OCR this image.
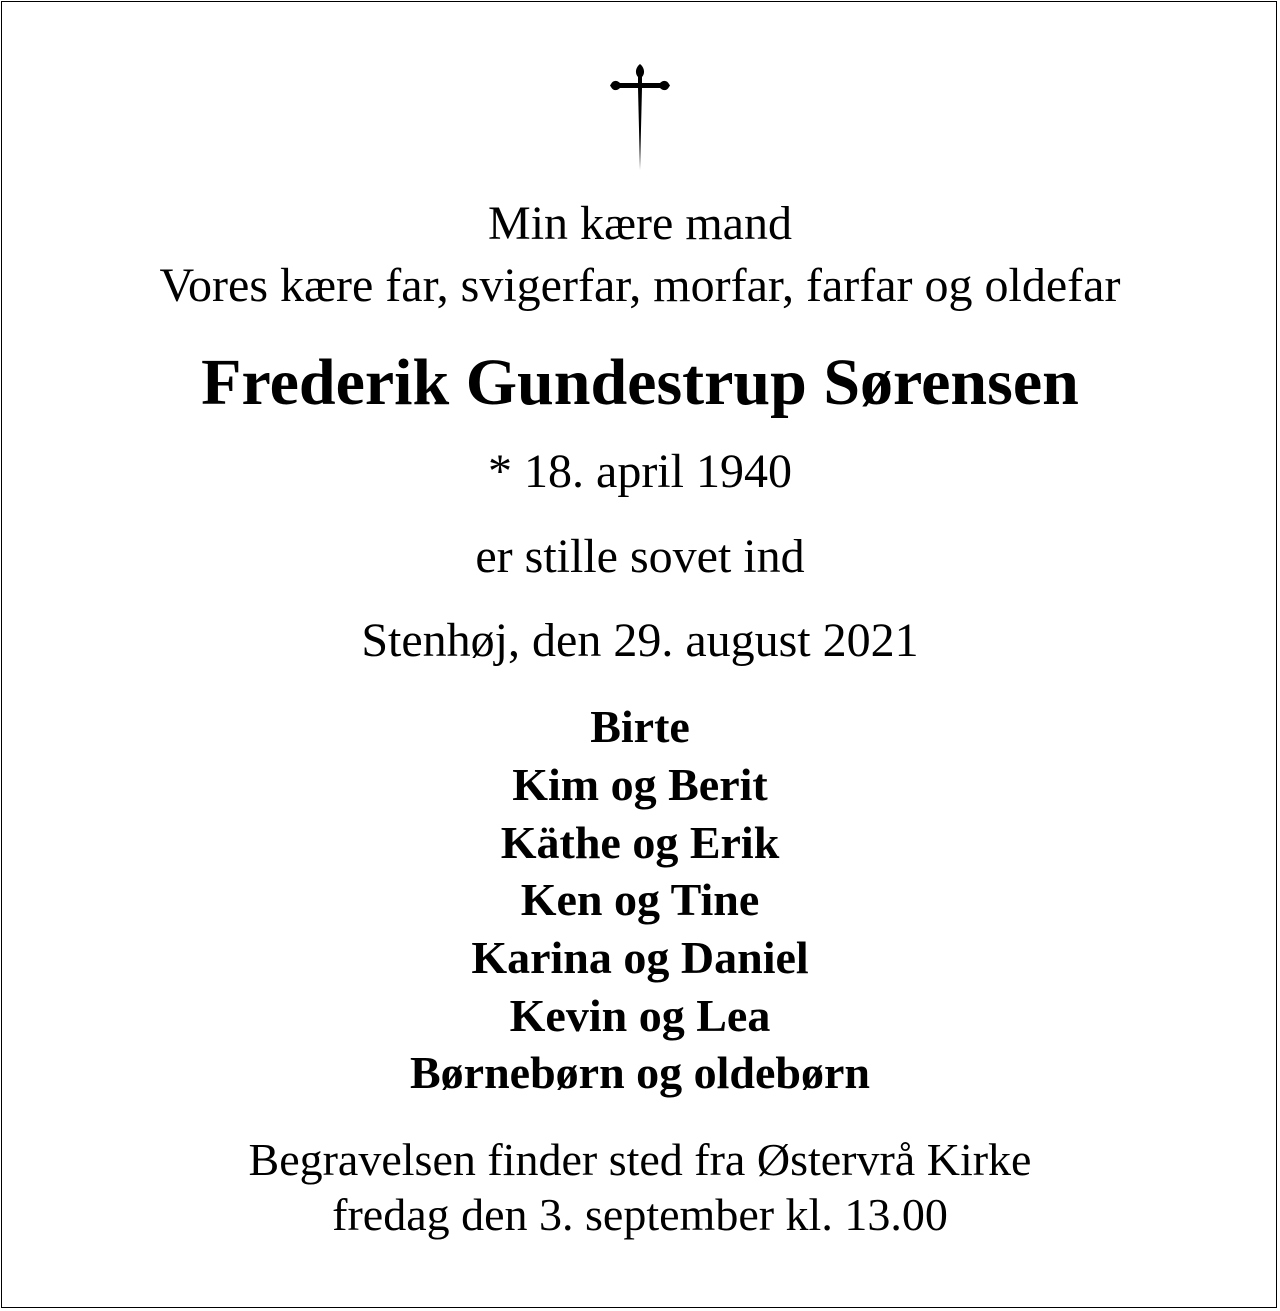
Min kære mand
Vores kære far, svigerfar, morfar, farfar og oldefar
Frederik Gundestrup Sørensen
* 18. april 1940
er stille sovet ind
Stenhøj, den 29. august 2021
Birte
Kim og Berit
Käthe og Erik
Ken og Tine
Karina og Daniel
Kevin og Lea
Børnebørn og oldebørn
Begravelsen finder sted fra Østervrå Kirke
fredag den 3. september kl. 13.00
